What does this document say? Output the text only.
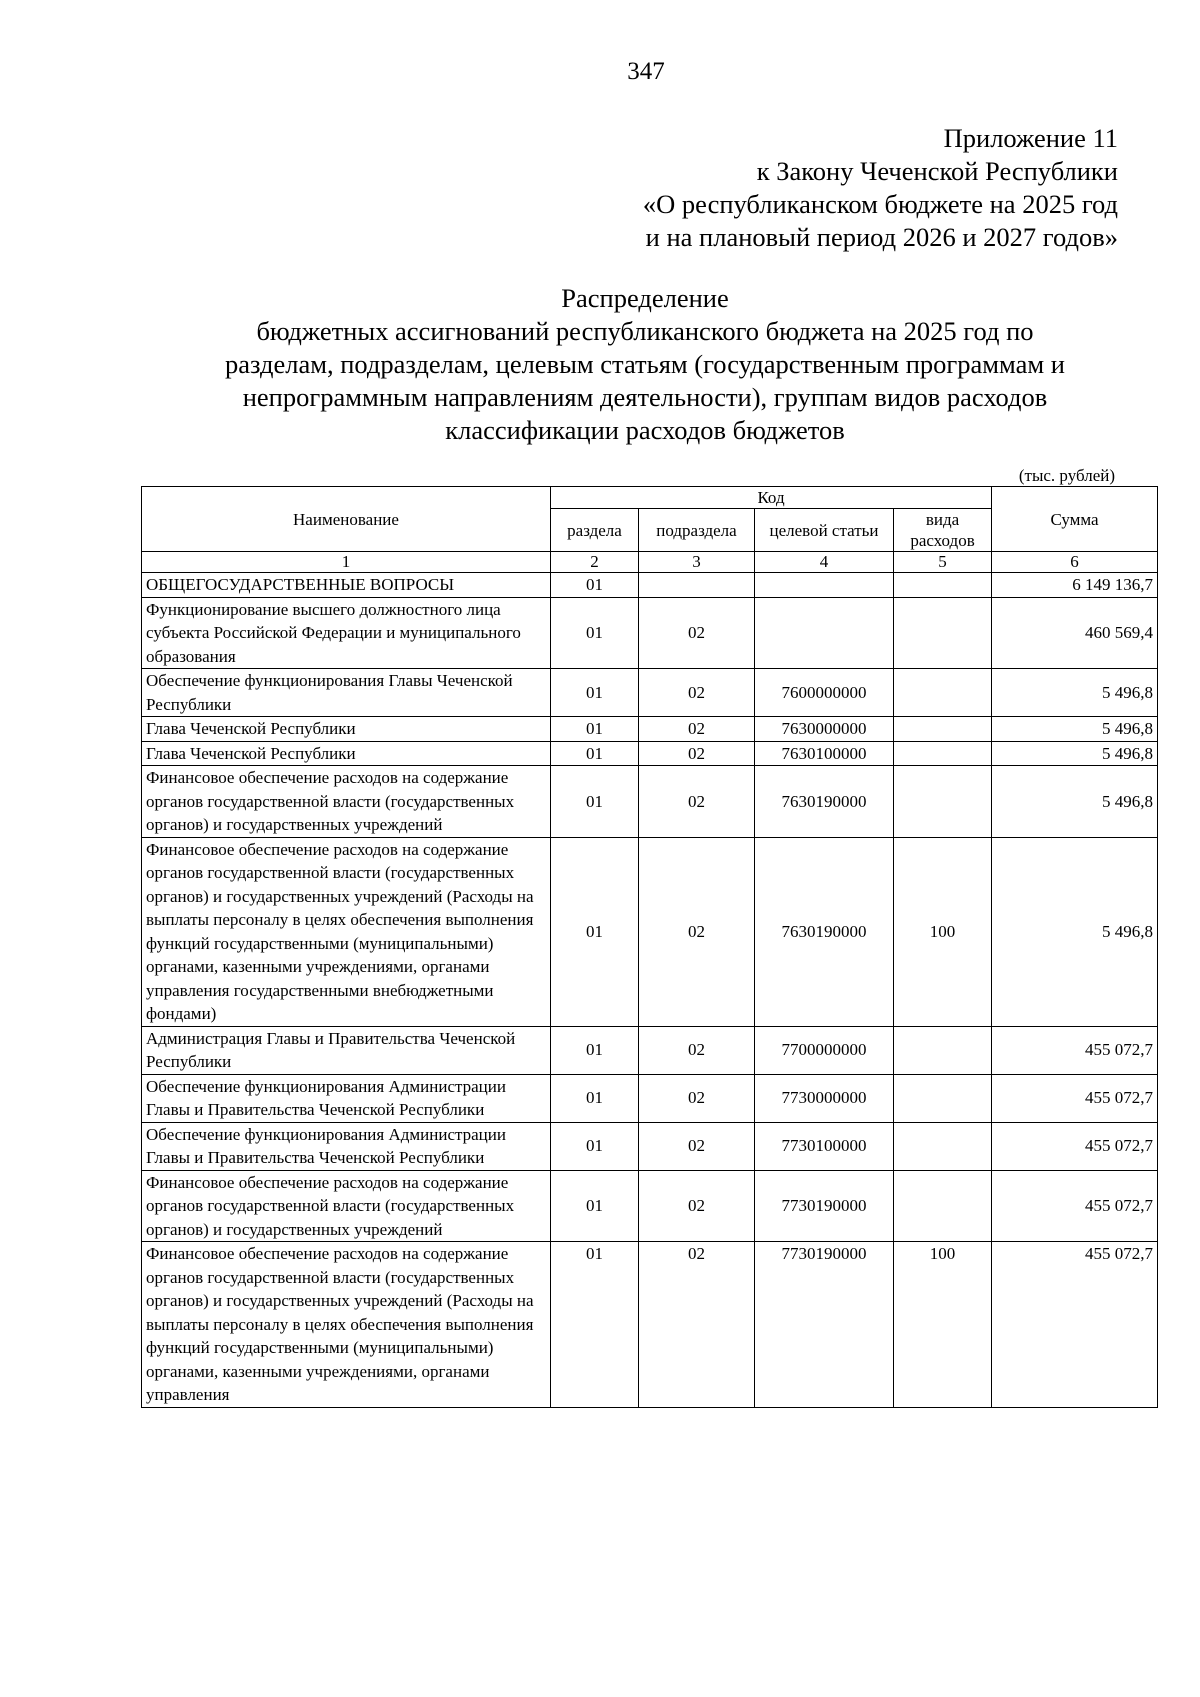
347
Приложение 11
к Закону Чеченской Республики
«О республиканском бюджете на 2025 год
и на плановый период 2026 и 2027 годов»
Распределение
бюджетных ассигнований республиканского бюджета на 2025 год по
разделам, подразделам, целевым статьям (государственным программам и
непрограммным направлениям деятельности), группам видов расходов
классификации расходов бюджетов
(тыс. рублей)
Наименование	Код				Сумма
	раздела	подраздела	целевой статьи	вида расходов	
1	2	3	4	5	6
ОБЩЕГОСУДАРСТВЕННЫЕ ВОПРОСЫ	01				6 149 136,7
Функционирование высшего должностного лица субъекта Российской Федерации и муниципального образования	01	02			460 569,4
Обеспечение функционирования Главы Чеченской Республики	01	02	7600000000		5 496,8
Глава Чеченской Республики	01	02	7630000000		5 496,8
Глава Чеченской Республики	01	02	7630100000		5 496,8
Финансовое обеспечение расходов на содержание органов государственной власти (государственных органов) и государственных учреждений	01	02	7630190000		5 496,8
Финансовое обеспечение расходов на содержание органов государственной власти (государственных органов) и государственных учреждений (Расходы на выплаты персоналу в целях обеспечения выполнения функций государственными (муниципальными) органами, казенными учреждениями, органами управления государственными внебюджетными фондами)	01	02	7630190000	100	5 496,8
Администрация Главы и Правительства Чеченской Республики	01	02	7700000000		455 072,7
Обеспечение функционирования Администрации Главы и Правительства Чеченской Республики	01	02	7730000000		455 072,7
Обеспечение функционирования Администрации Главы и Правительства Чеченской Республики	01	02	7730100000		455 072,7
Финансовое обеспечение расходов на содержание органов государственной власти (государственных органов) и государственных учреждений	01	02	7730190000		455 072,7
Финансовое обеспечение расходов на содержание органов государственной власти (государственных органов) и государственных учреждений (Расходы на выплаты персоналу в целях обеспечения выполнения функций государственными (муниципальными) органами, казенными учреждениями, органами управления	01	02	7730190000	100	455 072,7
